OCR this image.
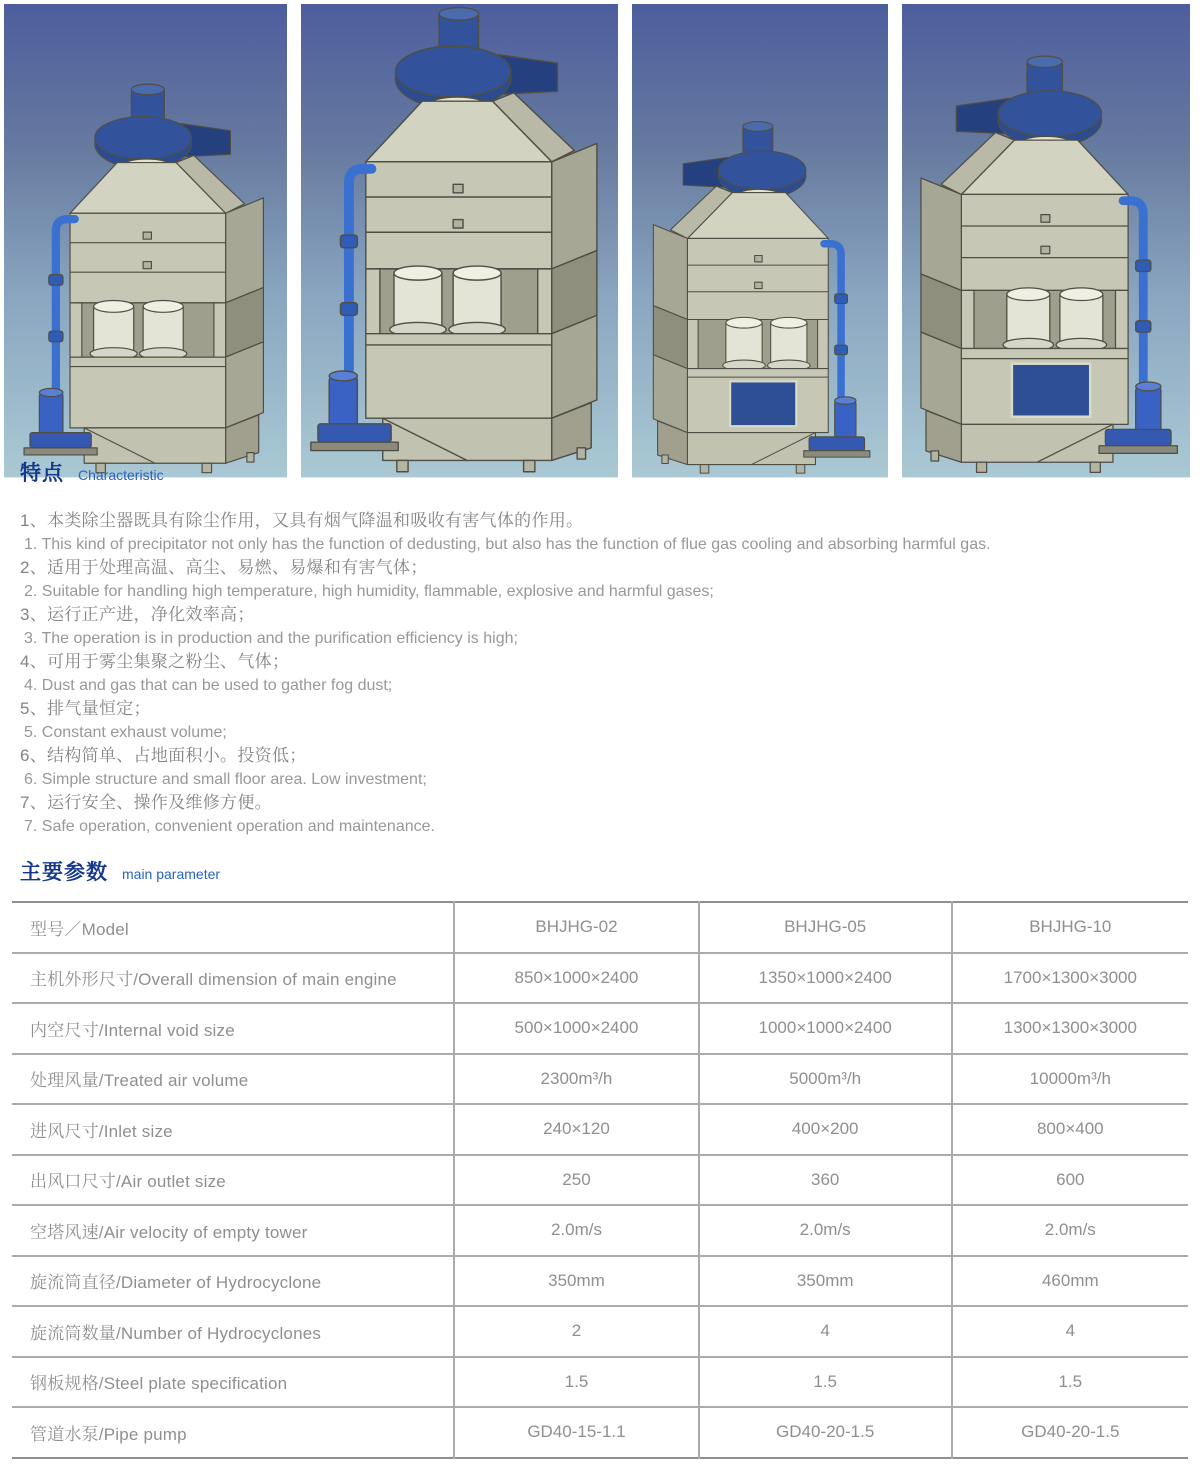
特点 Characteristic
1、本类除尘器既具有除尘作用，又具有烟气降温和吸收有害气体的作用。
1. This kind of precipitator not only has the function of dedusting, but also has the function of flue gas cooling and absorbing harmful gas.
2、适用于处理高温、高尘、易燃、易爆和有害气体；
2. Suitable for handling high temperature, high humidity, flammable, explosive and harmful gases;
3、运行正产进，净化效率高；
3. The operation is in production and the purification efficiency is high;
4、可用于雾尘集聚之粉尘、气体；
4. Dust and gas that can be used to gather fog dust;
5、排气量恒定；
5. Constant exhaust volume;
6、结构简单、占地面积小。投资低；
6. Simple structure and small floor area. Low investment;
7、运行安全、操作及维修方便。
7. Safe operation, convenient operation and maintenance.
主要参数 main parameter
型号／Model	BHJHG-02	BHJHG-05	BHJHG-10
主机外形尺寸/Overall dimension of main engine	850×1000×2400	1350×1000×2400	1700×1300×3000
内空尺寸/Internal void size	500×1000×2400	1000×1000×2400	1300×1300×3000
处理风量/Treated air volume	2300m³/h	5000m³/h	10000m³/h
进风尺寸/Inlet size	240×120	400×200	800×400
出风口尺寸/Air outlet size	250	360	600
空塔风速/Air velocity of empty tower	2.0m/s	2.0m/s	2.0m/s
旋流筒直径/Diameter of Hydrocyclone	350mm	350mm	460mm
旋流筒数量/Number of Hydrocyclones	2	4	4
钢板规格/Steel plate specification	1.5	1.5	1.5
管道水泵/Pipe pump	GD40-15-1.1	GD40-20-1.5	GD40-20-1.5
